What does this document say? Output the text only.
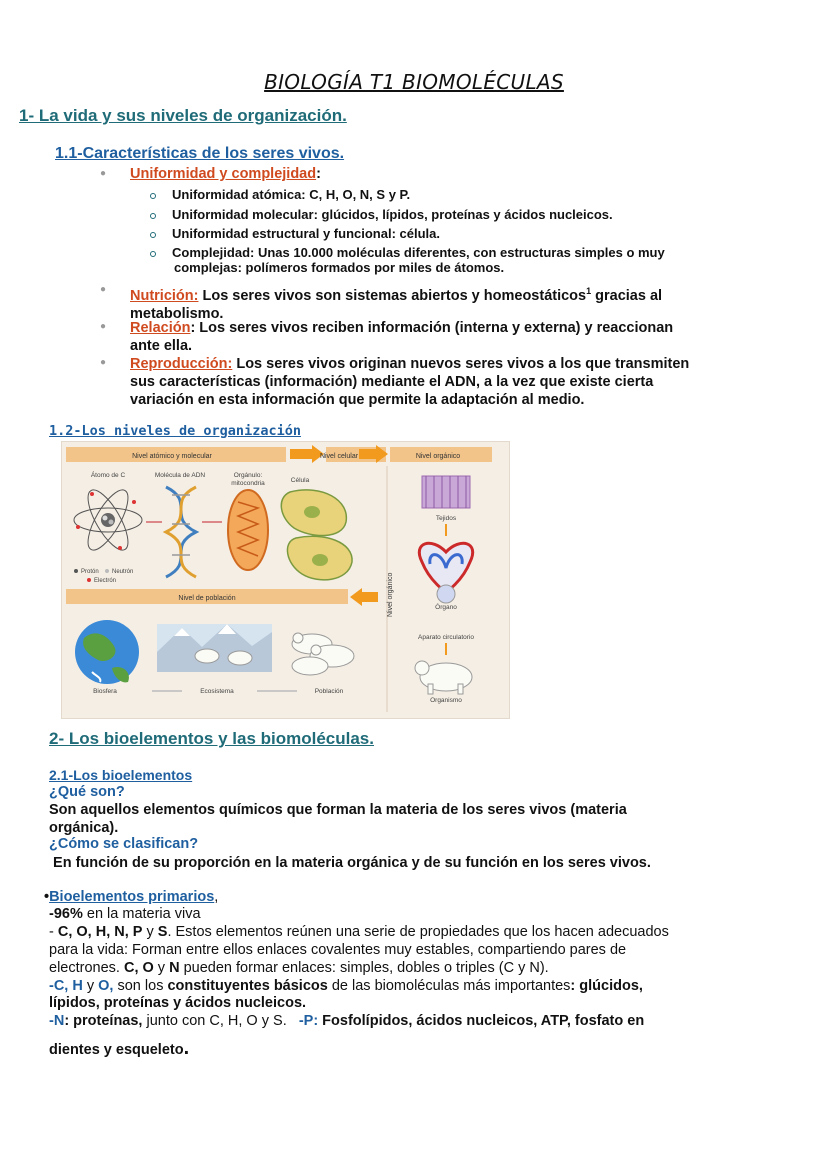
BIOLOGÍA T1 BIOMOLÉCULAS
1- La vida y sus niveles de organización.
1.1-Características de los seres vivos.
● Uniformidad y complejidad:
Uniformidad atómica: C, H, O, N, S y P.
Uniformidad molecular: glúcidos, lípidos, proteínas y ácidos nucleicos.
Uniformidad estructural y funcional: célula.
Complejidad: Unas 10.000 moléculas diferentes, con estructuras simples o muy
complejas: polímeros formados por miles de átomos.
● Nutrición: Los seres vivos son sistemas abiertos y homeostáticos$^1$ gracias al
metabolismo.
● Relación: Los seres vivos reciben información (interna y externa) y reaccionan
ante ella.
● Reproducción: Los seres vivos originan nuevos seres vivos a los que transmiten
sus características (información) mediante el ADN, a la vez que existe cierta
variación en esta información que permite la adaptación al medio.
1.2-Los niveles de organización
Nivel atómico y molecular	Nivel celular	Nivel orgánico
Átomo de C	Molécula de ADN	Orgánulo:
mitocondria	Célula
Protón Neutrón
Electrón	Nivel orgánico
Tejidos
Órgano
Aparato circulatorio
Organismo
Nivel de población
Biosfera	Ecosistema	Población
2- Los bioelementos y las biomoléculas.
2.1-Los bioelementos
¿Qué son?
Son aquellos elementos químicos que forman la materia de los seres vivos (materia
orgánica).
¿Cómo se clasifican?
En función de su proporción en la materia orgánica y de su función en los seres vivos.
•Bioelementos primarios,
-96% en la materia viva
- C, O, H, N, P y S. Estos elementos reúnen una serie de propiedades que los hacen adecuados
para la vida: Forman entre ellos enlaces covalentes muy estables, compartiendo pares de
electrones. C, O y N pueden formar enlaces: simples, dobles o triples (C y N).
-C, H y O, son los constituyentes básicos de las biomoléculas más importantes: glúcidos,
lípidos, proteínas y ácidos nucleicos.
-N: proteínas, junto con C, H, O y S.   -P: Fosfolípidos, ácidos nucleicos, ATP, fosfato en
dientes y esqueleto.
